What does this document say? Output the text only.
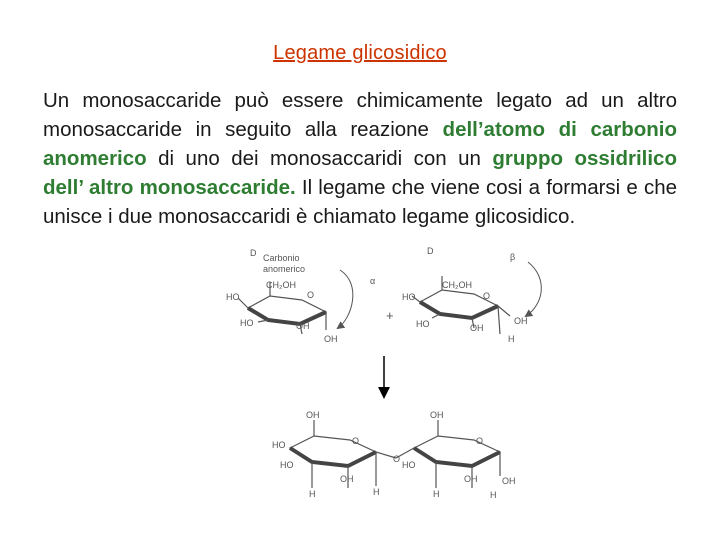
Legame glicosidico
Un monosaccaride può essere chimicamente legato ad un altro monosaccaride in seguito alla reazione dell’atomo di carbonio anomerico di uno dei monosaccaridi con un gruppo ossidrilico dell’ altro monosaccaride. Il legame che viene cosi a formarsi e che unisce i due monosaccaridi è chiamato legame glicosidico.
D Carbonio
anomerico
CH₂OH
O
HO
HO	OH
OH
α
+
D
β
CH₂OH
O
HO
HO	OH
OH
H
OH	OH
O	O
O
HO
HO	HO
OH	OH	OH
H	H	H	H
